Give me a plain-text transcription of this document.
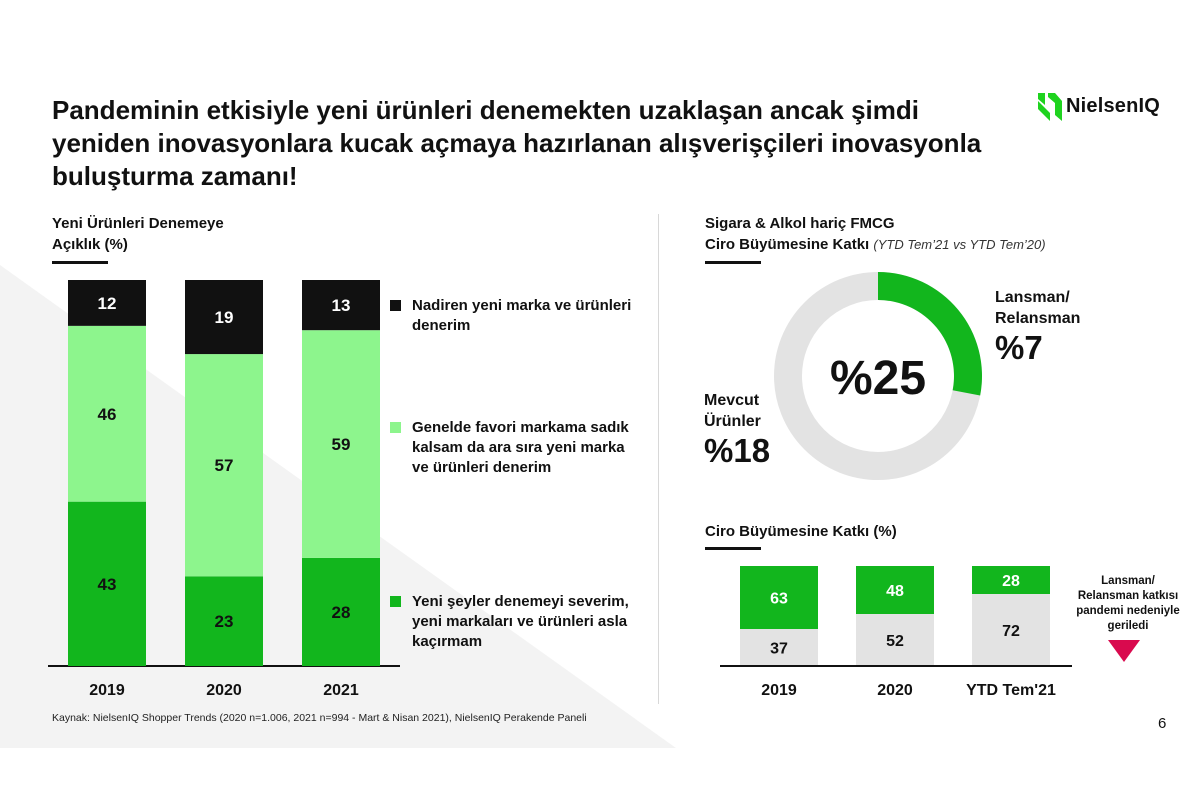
Pandeminin etkisiyle yeni ürünleri denemekten uzaklaşan ancak şimdi yeniden inovasyonlara kucak açmaya hazırlanan alışverişçileri inovasyonla buluşturma zamanı!
NielsenIQ
Yeni Ürünleri Denemeye
Açıklık (%)
43
46
12
2019
23
57
19
2020
28
59
13
2021
Nadiren yeni marka ve ürünleri denerim
Genelde favori markama sadık kalsam da ara sıra yeni marka ve ürünleri denerim
Yeni şeyler denemeyi severim, yeni markaları ve ürünleri asla kaçırmam
Sigara & Alkol hariç FMCG
Ciro Büyümesine Katkı (YTD Tem’21 vs YTD Tem’20)
%25
Lansman/
Relansman
%7
Mevcut
Ürünler
%18
Ciro Büyümesine Katkı (%)
37
63
2019
52
48
2020
72
28
YTD Tem'21
Lansman/ Relansman katkısı pandemi nedeniyle geriledi
Kaynak: NielsenIQ Shopper Trends (2020 n=1.006, 2021 n=994 - Mart & Nisan 2021), NielsenIQ Perakende Paneli	6
